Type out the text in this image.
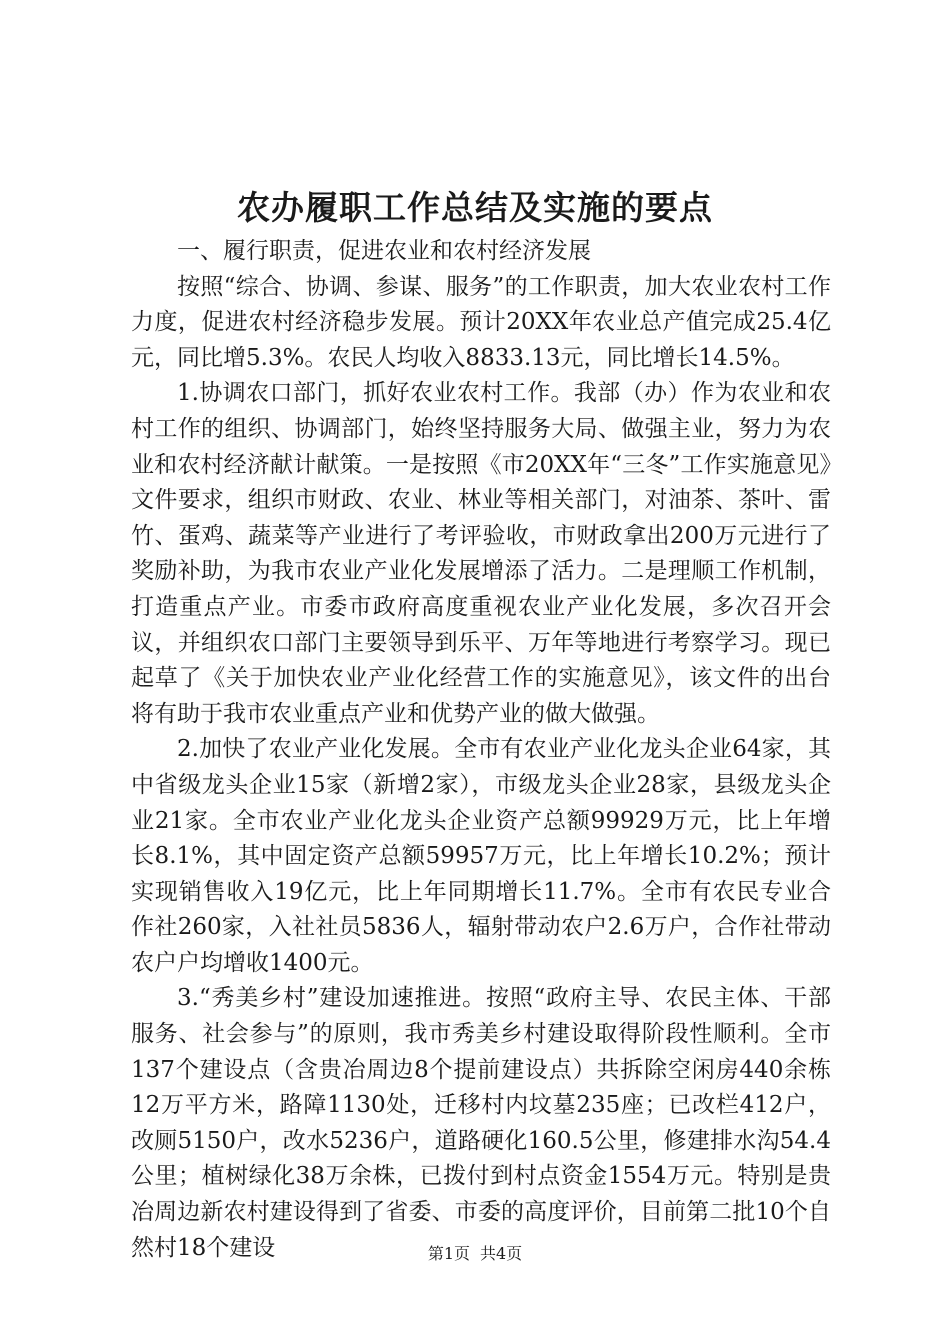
农办履职工作总结及实施的要点

一、履行职责，促进农业和农村经济发展

按照“综合、协调、参谋、服务”的工作职责，加大农业农村工作力度，促进农村经济稳步发展。预计20XX年农业总产值完成25.4亿元，同比增5.3%。农民人均收入8833.13元，同比增长14.5%。

1.协调农口部门，抓好农业农村工作。我部（办）作为农业和农村工作的组织、协调部门，始终坚持服务大局、做强主业，努力为农业和农村经济献计献策。一是按照《市20XX年“三冬”工作实施意见》文件要求，组织市财政、农业、林业等相关部门，对油茶、茶叶、雷竹、蛋鸡、蔬菜等产业进行了考评验收，市财政拿出200万元进行了奖励补助，为我市农业产业化发展增添了活力。二是理顺工作机制，打造重点产业。市委市政府高度重视农业产业化发展，多次召开会议，并组织农口部门主要领导到乐平、万年等地进行考察学习。现已起草了《关于加快农业产业化经营工作的实施意见》，该文件的出台将有助于我市农业重点产业和优势产业的做大做强。

2.加快了农业产业化发展。全市有农业产业化龙头企业64家，其中省级龙头企业15家（新增2家），市级龙头企业28家，县级龙头企业21家。全市农业产业化龙头企业资产总额99929万元，比上年增长8.1%，其中固定资产总额59957万元，比上年增长10.2%；预计实现销售收入19亿元，比上年同期增长11.7%。全市有农民专业合作社260家，入社社员5836人，辐射带动农户2.6万户，合作社带动农户户均增收1400元。

3.“秀美乡村”建设加速推进。按照“政府主导、农民主体、干部服务、社会参与”的原则，我市秀美乡村建设取得阶段性顺利。全市137个建设点（含贵冶周边8个提前建设点）共拆除空闲房440余栋12万平方米，路障1130处，迁移村内坟墓235座；已改栏412户，改厕5150户，改水5236户，道路硬化160.5公里，修建排水沟54.4公里；植树绿化38万余株，已拨付到村点资金1554万元。特别是贵冶周边新农村建设得到了省委、市委的高度评价，目前第二批10个自然村18个建设	第1页 共4页
